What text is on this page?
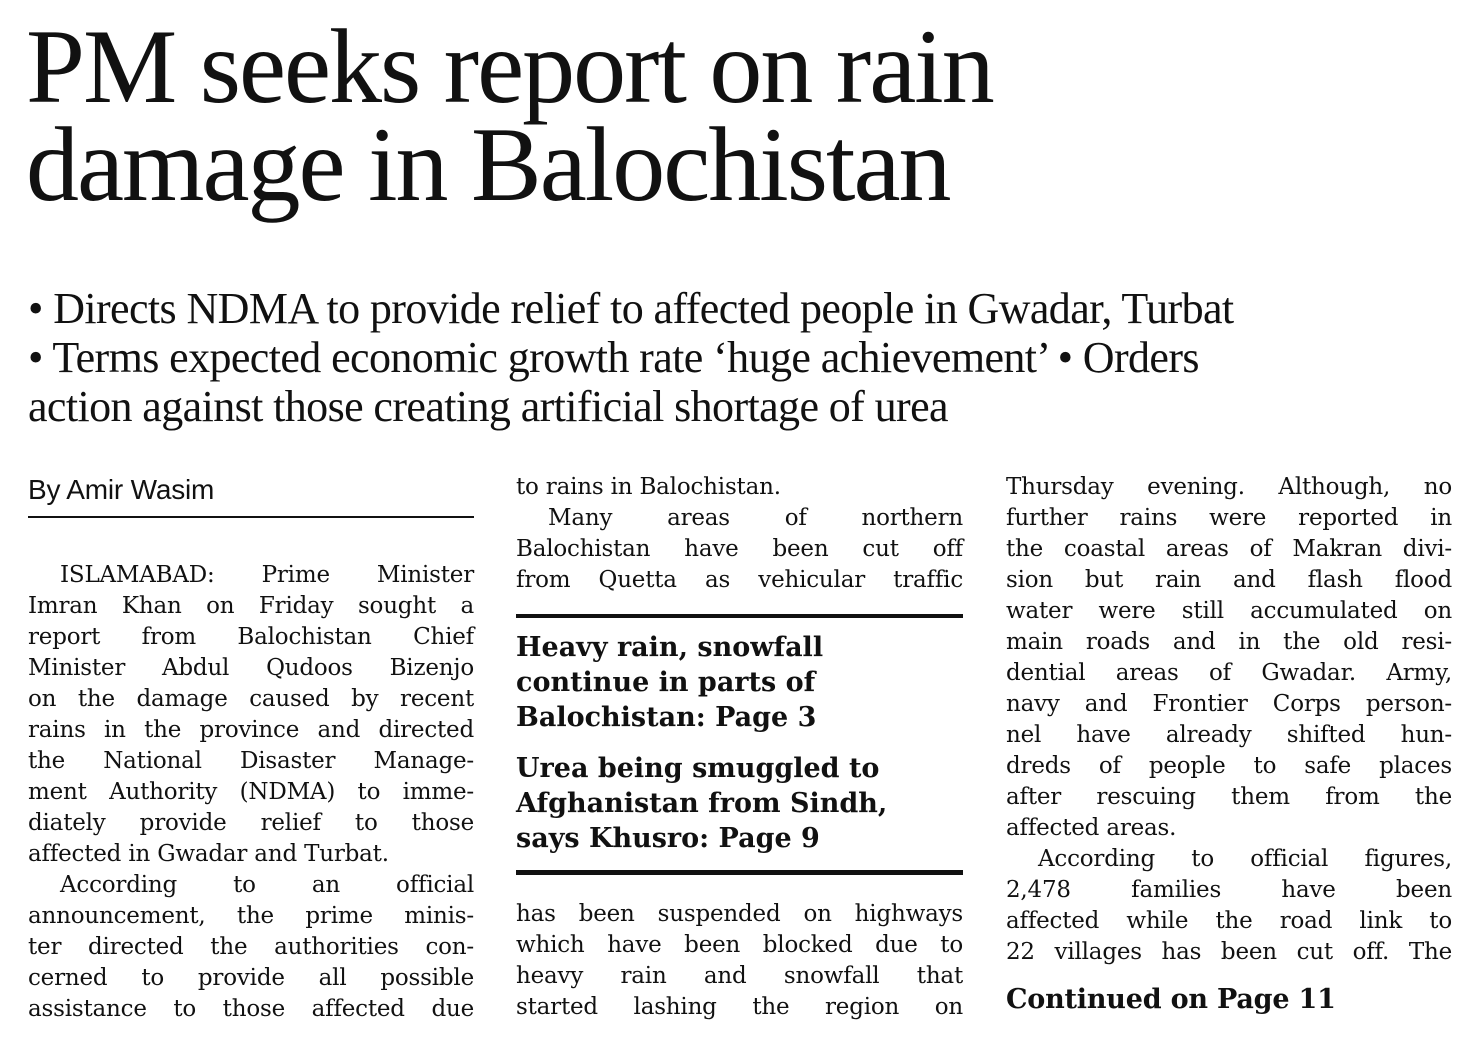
PM seeks report on rain
damage in Balochistan
• Directs NDMA to provide relief to affected people in Gwadar, Turbat
• Terms expected economic growth rate ‘huge achievement’ • Orders
action against those creating artificial shortage of urea
By Amir Wasim
ISLAMABAD: Prime Minister
Imran Khan on Friday sought a
report from Balochistan Chief
Minister Abdul Qudoos Bizenjo
on the damage caused by recent
rains in the province and directed
the National Disaster Manage-
ment Authority (NDMA) to imme-
diately provide relief to those
affected in Gwadar and Turbat.
According to an official
announcement, the prime minis-
ter directed the authorities con-
cerned to provide all possible
assistance to those affected due
to rains in Balochistan.
Many areas of northern
Balochistan have been cut off
from Quetta as vehicular traffic
Heavy rain, snowfall
continue in parts of
Balochistan: Page 3
Urea being smuggled to
Afghanistan from Sindh,
says Khusro: Page 9
has been suspended on highways
which have been blocked due to
heavy rain and snowfall that
started lashing the region on
Thursday evening. Although, no
further rains were reported in
the coastal areas of Makran divi-
sion but rain and flash flood
water were still accumulated on
main roads and in the old resi-
dential areas of Gwadar. Army,
navy and Frontier Corps person-
nel have already shifted hun-
dreds of people to safe places
after rescuing them from the
affected areas.
According to official figures,
2,478 families have been
affected while the road link to
22 villages has been cut off. The
Continued on Page 11
